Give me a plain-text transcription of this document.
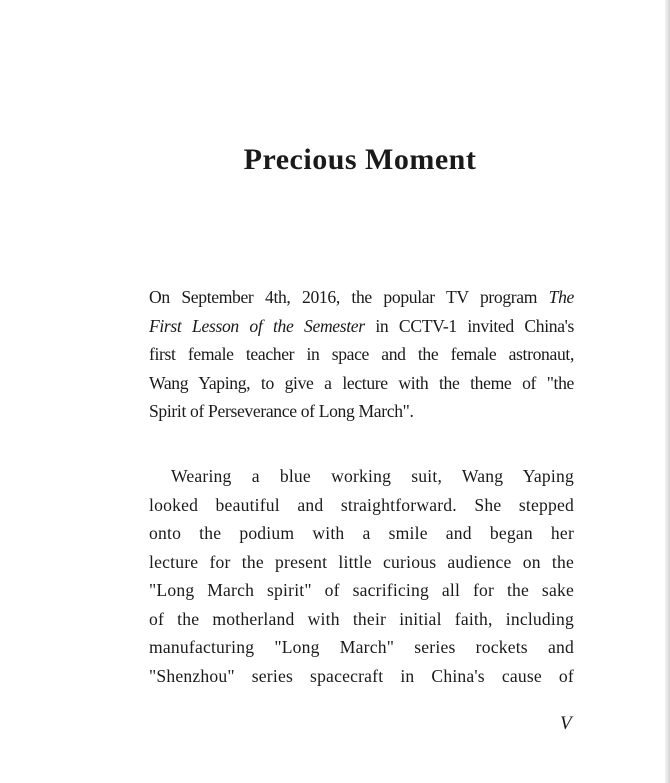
Precious Moment
On September 4th, 2016, the popular TV program The
First Lesson of the Semester in CCTV-1 invited China's
first female teacher in space and the female astronaut,
Wang Yaping, to give a lecture with the theme of "the
Spirit of Perseverance of Long March".
Wearing a blue working suit, Wang Yaping
looked beautiful and straightforward. She stepped
onto the podium with a smile and began her
lecture for the present little curious audience on the
"Long March spirit" of sacrificing all for the sake
of the motherland with their initial faith, including
manufacturing "Long March" series rockets and
"Shenzhou" series spacecraft in China's cause of

V
